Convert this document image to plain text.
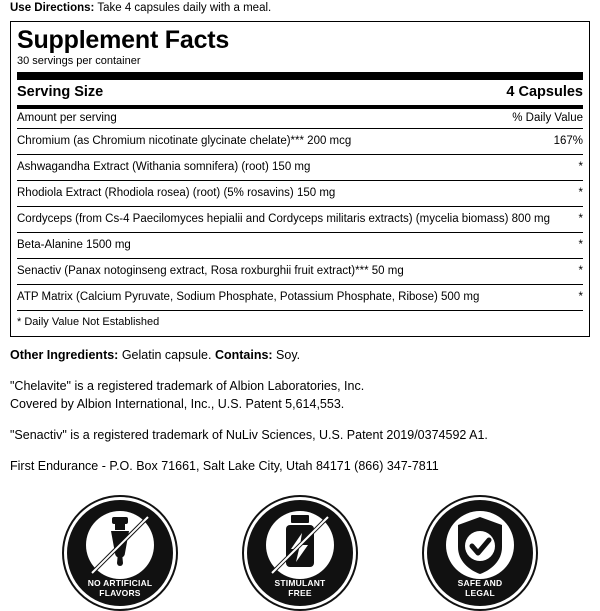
Use Directions: Take 4 capsules daily with a meal.
Supplement Facts
30 servings per container
Serving Size	4 Capsules
Amount per serving	% Daily Value
Chromium (as Chromium nicotinate glycinate chelate)*** 200 mcg	167%
Ashwagandha Extract (Withania somnifera) (root) 150 mg	*
Rhodiola Extract (Rhodiola rosea) (root) (5% rosavins) 150 mg	*
Cordyceps (from Cs-4 Paecilomyces hepialii and Cordyceps militaris extracts) (mycelia biomass) 800 mg	*
Beta-Alanine 1500 mg	*
Senactiv (Panax notoginseng extract, Rosa roxburghii fruit extract)*** 50 mg	*
ATP Matrix (Calcium Pyruvate, Sodium Phosphate, Potassium Phosphate, Ribose) 500 mg	*
* Daily Value Not Established
Other Ingredients: Gelatin capsule. Contains: Soy.
"Chelavite" is a registered trademark of Albion Laboratories, Inc.
Covered by Albion International, Inc., U.S. Patent 5,614,553.
"Senactiv" is a registered trademark of NuLiv Sciences, U.S. Patent 2019/0374592 A1.
First Endurance - P.O. Box 71661, Salt Lake City, Utah 84171 (866) 347-7811
NO ARTIFICIAL
FLAVORS
STIMULANT
FREE
SAFE AND
LEGAL
